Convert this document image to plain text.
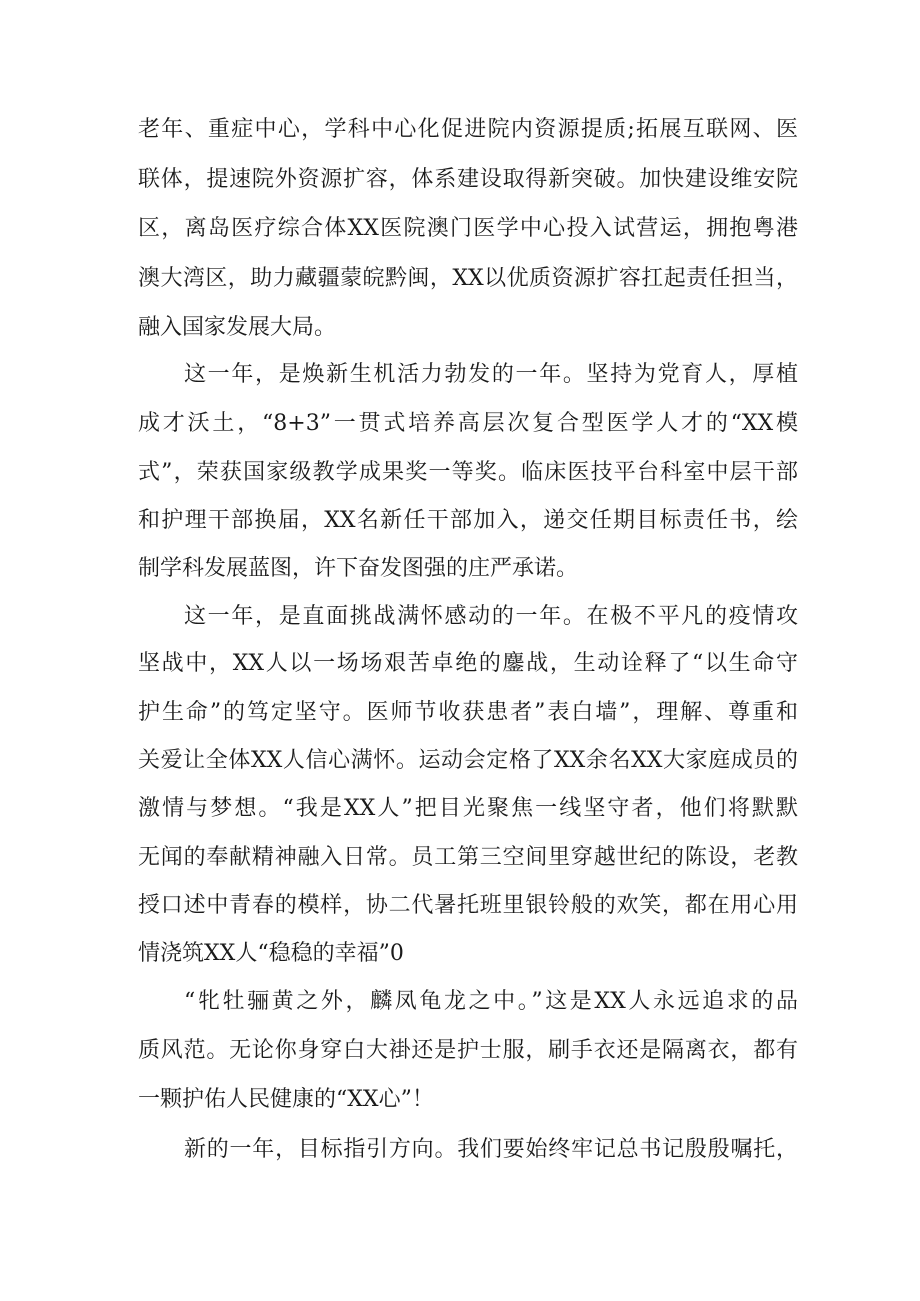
老年、重症中心，学科中心化促进院内资源提质;拓展互联网、医
联体，提速院外资源扩容，体系建设取得新突破。加快建设维安院
区，离岛医疗综合体XX医院澳门医学中心投入试营运，拥抱粤港
澳大湾区，助力藏疆蒙皖黔闽，XX以优质资源扩容扛起责任担当，
融入国家发展大局。
这一年，是焕新生机活力勃发的一年。坚持为党育人，厚植
成才沃土，“8+3”一贯式培养高层次复合型医学人才的“XX模
式”，荣获国家级教学成果奖一等奖。临床医技平台科室中层干部
和护理干部换届，XX名新任干部加入，递交任期目标责任书，绘
制学科发展蓝图，许下奋发图强的庄严承诺。
这一年，是直面挑战满怀感动的一年。在极不平凡的疫情攻
坚战中，XX人以一场场艰苦卓绝的鏖战，生动诠释了“以生命守
护生命”的笃定坚守。医师节收获患者”表白墙”，理解、尊重和
关爱让全体XX人信心满怀。运动会定格了XX余名XX大家庭成员的
激情与梦想。“我是XX人”把目光聚焦一线坚守者，他们将默默
无闻的奉献精神融入日常。员工第三空间里穿越世纪的陈设，老教
授口述中青春的模样，协二代暑托班里银铃般的欢笑，都在用心用
情浇筑XX人“稳稳的幸福”0
“牝牡骊黄之外，麟凤龟龙之中。”这是XX人永远追求的品
质风范。无论你身穿白大褂还是护士服，刷手衣还是隔离衣，都有
一颗护佑人民健康的“XX心”！
新的一年，目标指引方向。我们要始终牢记总书记殷殷嘱托，
